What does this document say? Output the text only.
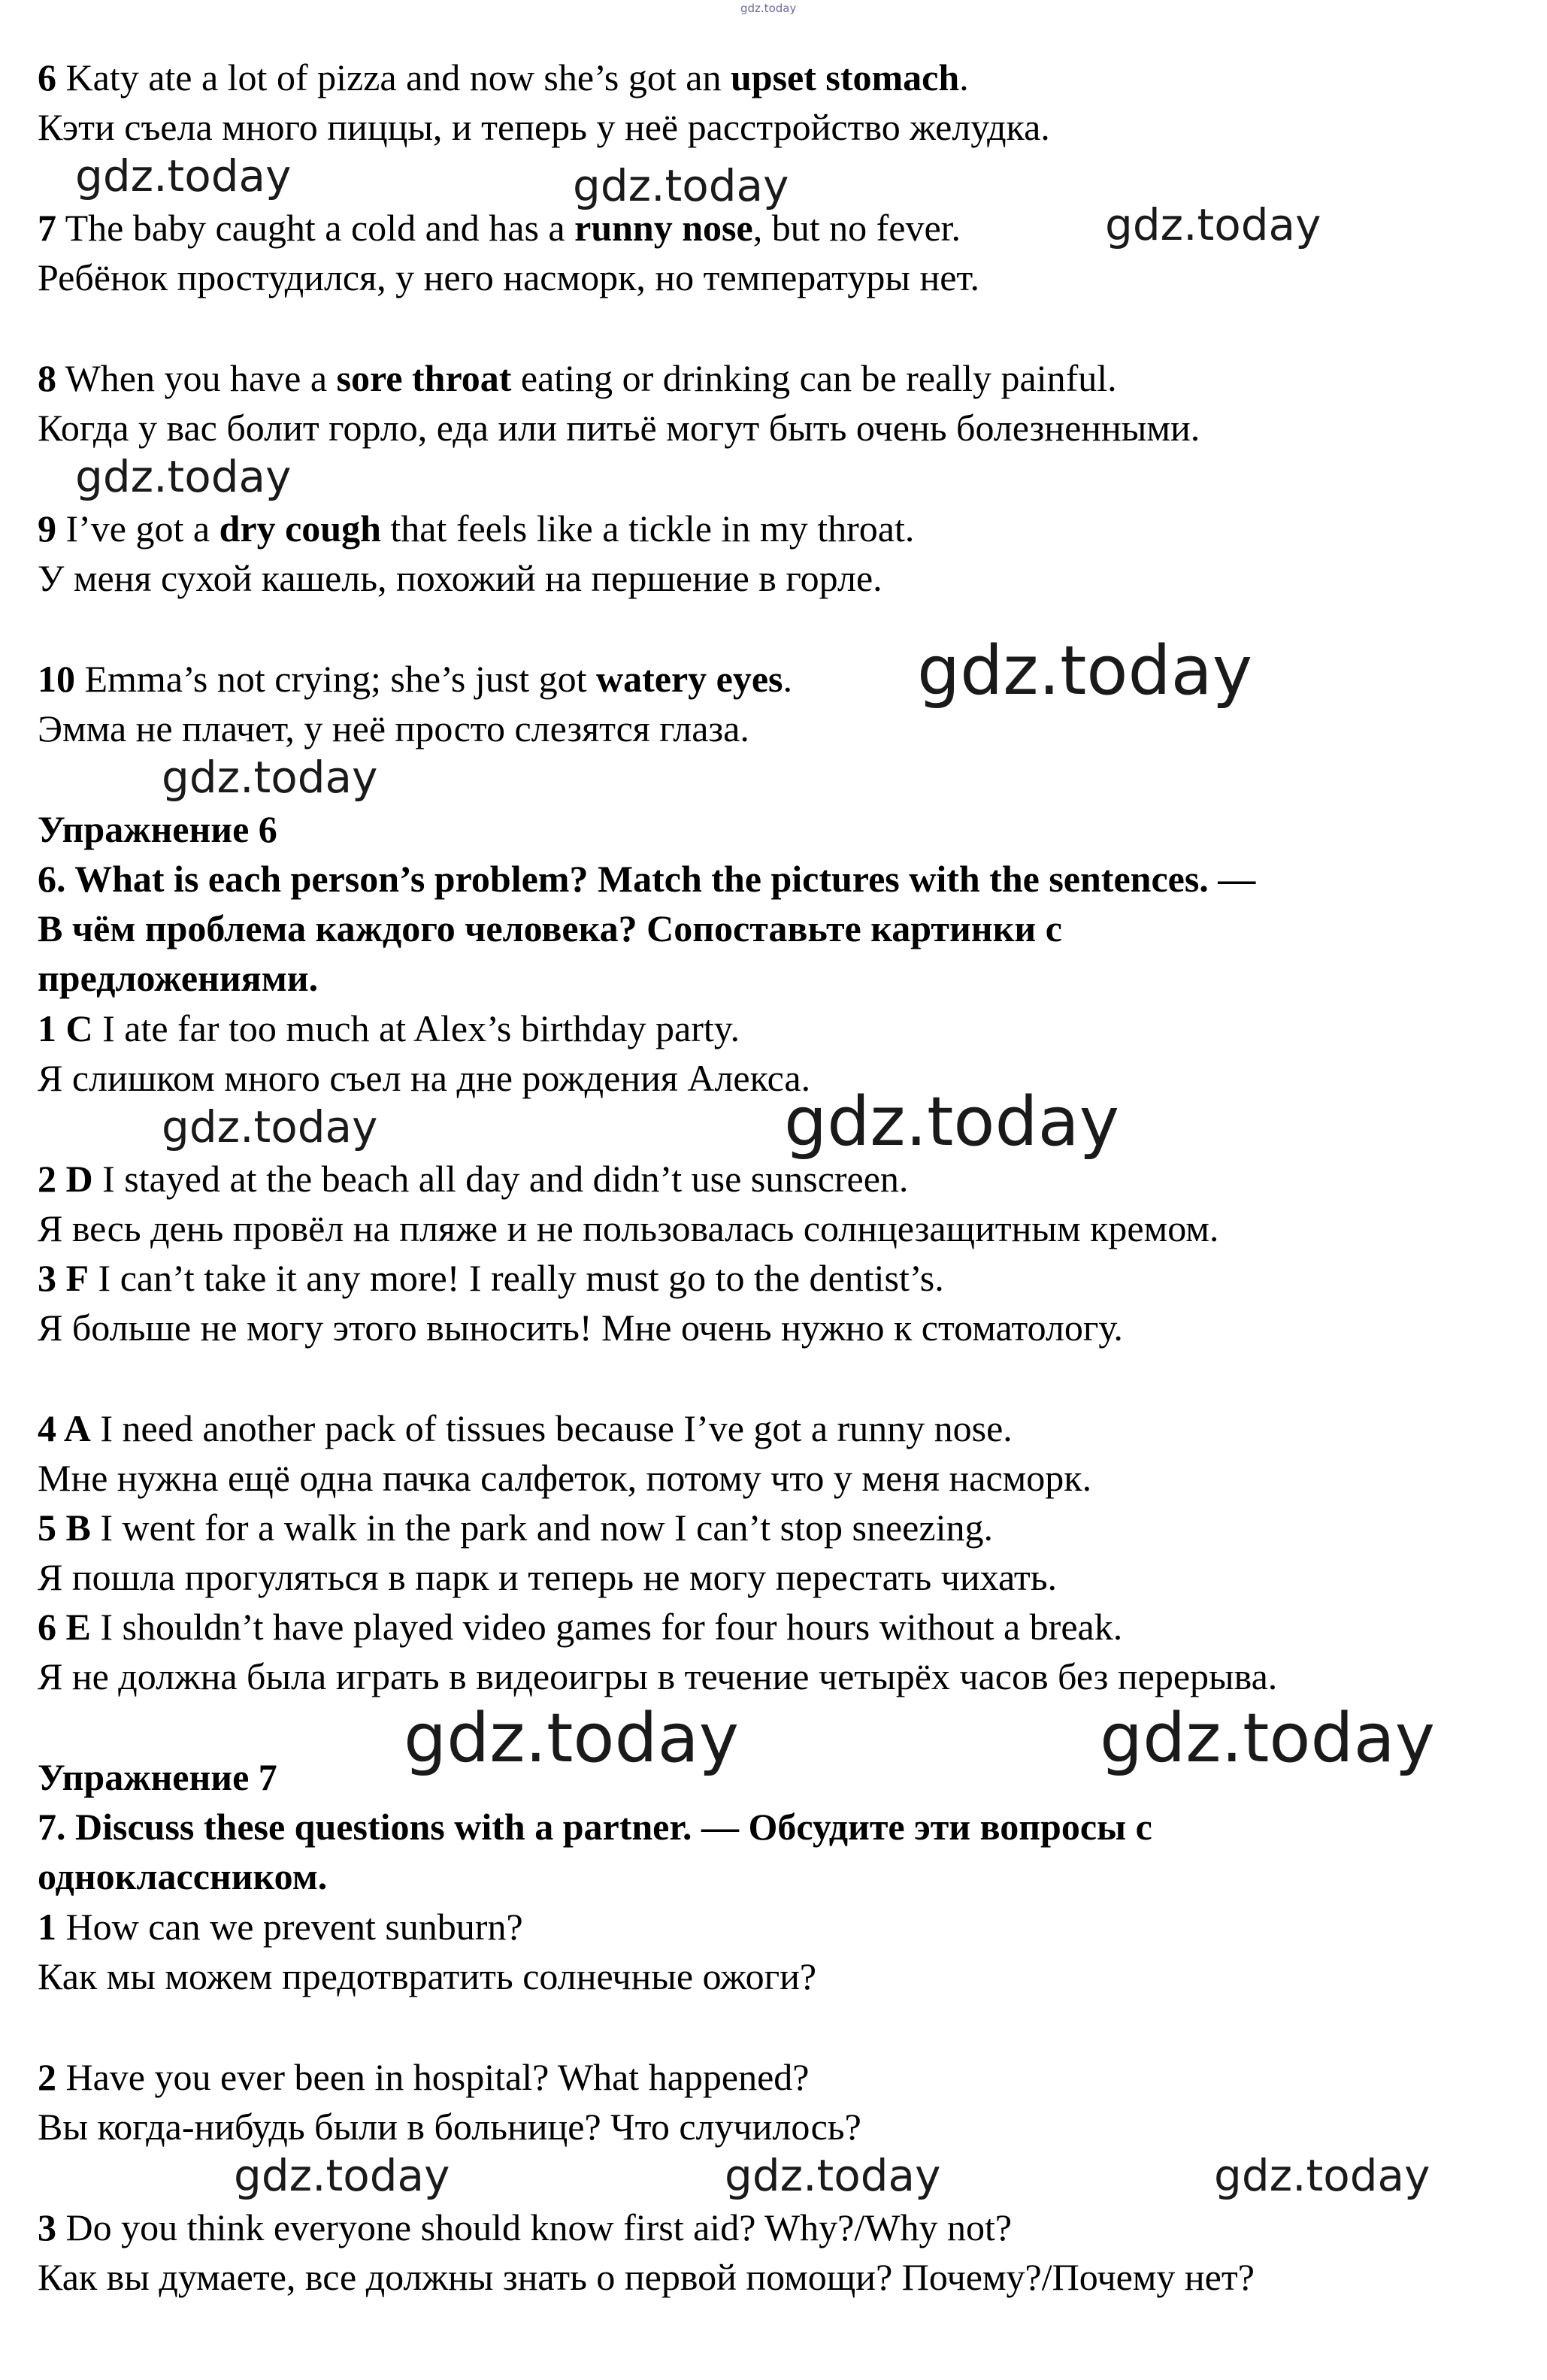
gdz.today
6 Katy ate a lot of pizza and now she’s got an upset stomach.
Кэти съела много пиццы, и теперь у неё расстройство желудка.
7 The baby caught a cold and has a runny nose, but no fever.
Ребёнок простудился, у него насморк, но температуры нет.
8 When you have a sore throat eating or drinking can be really painful.
Когда у вас болит горло, еда или питьё могут быть очень болезненными.
9 I’ve got a dry cough that feels like a tickle in my throat.
У меня сухой кашель, похожий на першение в горле.
10 Emma’s not crying; she’s just got watery eyes.
Эмма не плачет, у неё просто слезятся глаза.
Упражнение 6
6. What is each person’s problem? Match the pictures with the sentences. —
В чём проблема каждого человека? Сопоставьте картинки с
предложениями.
1 C I ate far too much at Alex’s birthday party.
Я слишком много съел на дне рождения Алекса.
2 D I stayed at the beach all day and didn’t use sunscreen.
Я весь день провёл на пляже и не пользовалась солнцезащитным кремом.
3 F I can’t take it any more! I really must go to the dentist’s.
Я больше не могу этого выносить! Мне очень нужно к стоматологу.
4 A I need another pack of tissues because I’ve got a runny nose.
Мне нужна ещё одна пачка салфеток, потому что у меня насморк.
5 B I went for a walk in the park and now I can’t stop sneezing.
Я пошла прогуляться в парк и теперь не могу перестать чихать.
6 E I shouldn’t have played video games for four hours without a break.
Я не должна была играть в видеоигры в течение четырёх часов без перерыва.
Упражнение 7
7. Discuss these questions with a partner. — Обсудите эти вопросы с
одноклассником.
1 How can we prevent sunburn?
Как мы можем предотвратить солнечные ожоги?
2 Have you ever been in hospital? What happened?
Вы когда-нибудь были в больнице? Что случилось?
3 Do you think everyone should know first aid? Why?/Why not?
Как вы думаете, все должны знать о первой помощи? Почему?/Почему нет?
gdz.today	gdz.today
gdz.today
gdz.today
gdz.today
gdz.today
gdz.today	gdz.today
gdz.today	gdz.today
gdz.today	gdz.today	gdz.today
